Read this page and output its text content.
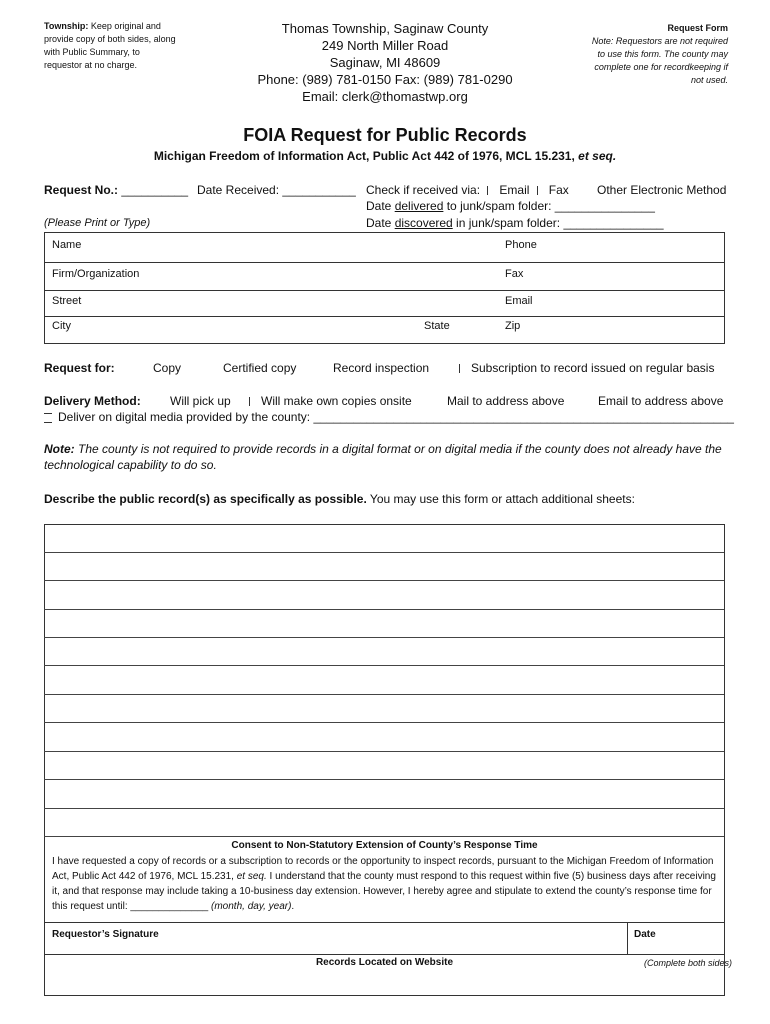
Township: Keep original and provide copy of both sides, along with Public Summary, to requestor at no charge.
Thomas Township, Saginaw County
249 North Miller Road
Saginaw, MI 48609
Phone: (989) 781-0150 Fax: (989) 781-0290
Email: clerk@thomastwp.org
Request Form
Note: Requestors are not required to use this form. The county may complete one for recordkeeping if not used.
FOIA Request for Public Records
Michigan Freedom of Information Act, Public Act 442 of 1976, MCL 15.231, et seq.
Request No.: __________ Date Received: ___________ Check if received via: Email Fax Other Electronic Method
Date delivered to junk/spam folder: _______________
(Please Print or Type)	Date discovered in junk/spam folder: _______________
Name	Phone
Firm/Organization	Fax
Street	Email
City	State	Zip
Request for:	Copy	Certified copy	Record inspection	Subscription to record issued on regular basis
Delivery Method: Will pick up	Will make own copies onsite	Mail to address above	Email to address above
Deliver on digital media provided by the county: _______________________________________________________________
Note: The county is not required to provide records in a digital format or on digital media if the county does not already have the technological capability to do so.
Describe the public record(s) as specifically as possible. You may use this form or attach additional sheets:
Consent to Non-Statutory Extension of County’s Response Time
I have requested a copy of records or a subscription to records or the opportunity to inspect records, pursuant to the Michigan Freedom of Information Act, Public Act 442 of 1976, MCL 15.231, et seq. I understand that the county must respond to this request within five (5) business days after receiving it, and that response may include taking a 10-business day extension. However, I hereby agree and stipulate to extend the county’s response time for this request until: ______________ (month, day, year).
Requestor’s Signature	Date
Records Located on Website	(Complete both sides)
